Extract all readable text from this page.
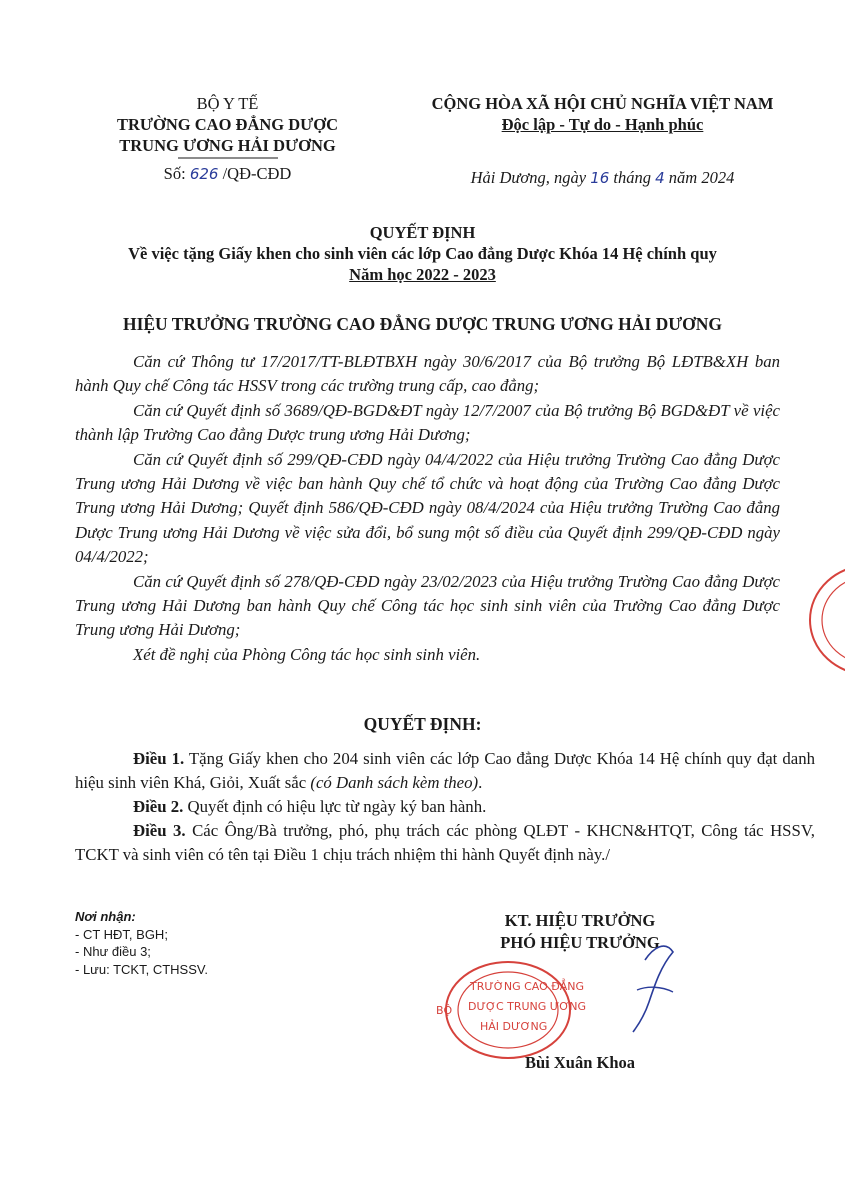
BỘ Y TẾ
TRƯỜNG CAO ĐẲNG DƯỢC
TRUNG ƯƠNG HẢI DƯƠNG
Số: 626 /QĐ-CĐD
CỘNG HÒA XÃ HỘI CHỦ NGHĨA VIỆT NAM
Độc lập - Tự do - Hạnh phúc
Hải Dương, ngày 16 tháng 4 năm 2024
QUYẾT ĐỊNH
Về việc tặng Giấy khen cho sinh viên các lớp Cao đẳng Dược Khóa 14 Hệ chính quy
Năm học 2022 - 2023
HIỆU TRƯỞNG TRƯỜNG CAO ĐẲNG DƯỢC TRUNG ƯƠNG HẢI DƯƠNG

Căn cứ Thông tư 17/2017/TT-BLĐTBXH ngày 30/6/2017 của Bộ trưởng Bộ LĐTB&XH ban hành Quy chế Công tác HSSV trong các trường trung cấp, cao đẳng;

Căn cứ Quyết định số 3689/QĐ-BGD&ĐT ngày 12/7/2007 của Bộ trưởng Bộ BGD&ĐT về việc thành lập Trường Cao đẳng Dược trung ương Hải Dương;

Căn cứ Quyết định số 299/QĐ-CĐD ngày 04/4/2022 của Hiệu trưởng Trường Cao đẳng Dược Trung ương Hải Dương về việc ban hành Quy chế tổ chức và hoạt động của Trường Cao đẳng Dược Trung ương Hải Dương; Quyết định 586/QĐ-CĐD ngày 08/4/2024 của Hiệu trưởng Trường Cao đẳng Dược Trung ương Hải Dương về việc sửa đổi, bổ sung một số điều của Quyết định 299/QĐ-CĐD ngày 04/4/2022;

Căn cứ Quyết định số 278/QĐ-CĐD ngày 23/02/2023 của Hiệu trưởng Trường Cao đẳng Dược Trung ương Hải Dương ban hành Quy chế Công tác học sinh sinh viên của Trường Cao đẳng Dược Trung ương Hải Dương;

Xét đề nghị của Phòng Công tác học sinh sinh viên.

QUYẾT ĐỊNH:

Điều 1. Tặng Giấy khen cho 204 sinh viên các lớp Cao đẳng Dược Khóa 14 Hệ chính quy đạt danh hiệu sinh viên Khá, Giỏi, Xuất sắc (có Danh sách kèm theo).

Điều 2. Quyết định có hiệu lực từ ngày ký ban hành.

Điều 3. Các Ông/Bà trưởng, phó, phụ trách các phòng QLĐT - KHCN&HTQT, Công tác HSSV, TCKT và sinh viên có tên tại Điều 1 chịu trách nhiệm thi hành Quyết định này./

Nơi nhận:
- CT HĐT, BGH;
- Như điều 3;
- Lưu: TCKT, CTHSSV.
TRƯỜNG CAO ĐẲNG
DƯỢC TRUNG ƯƠNG
HẢI DƯƠNG
BỘ
KT. HIỆU TRƯỞNG
PHÓ HIỆU TRƯỞNG
Bùi Xuân Khoa
